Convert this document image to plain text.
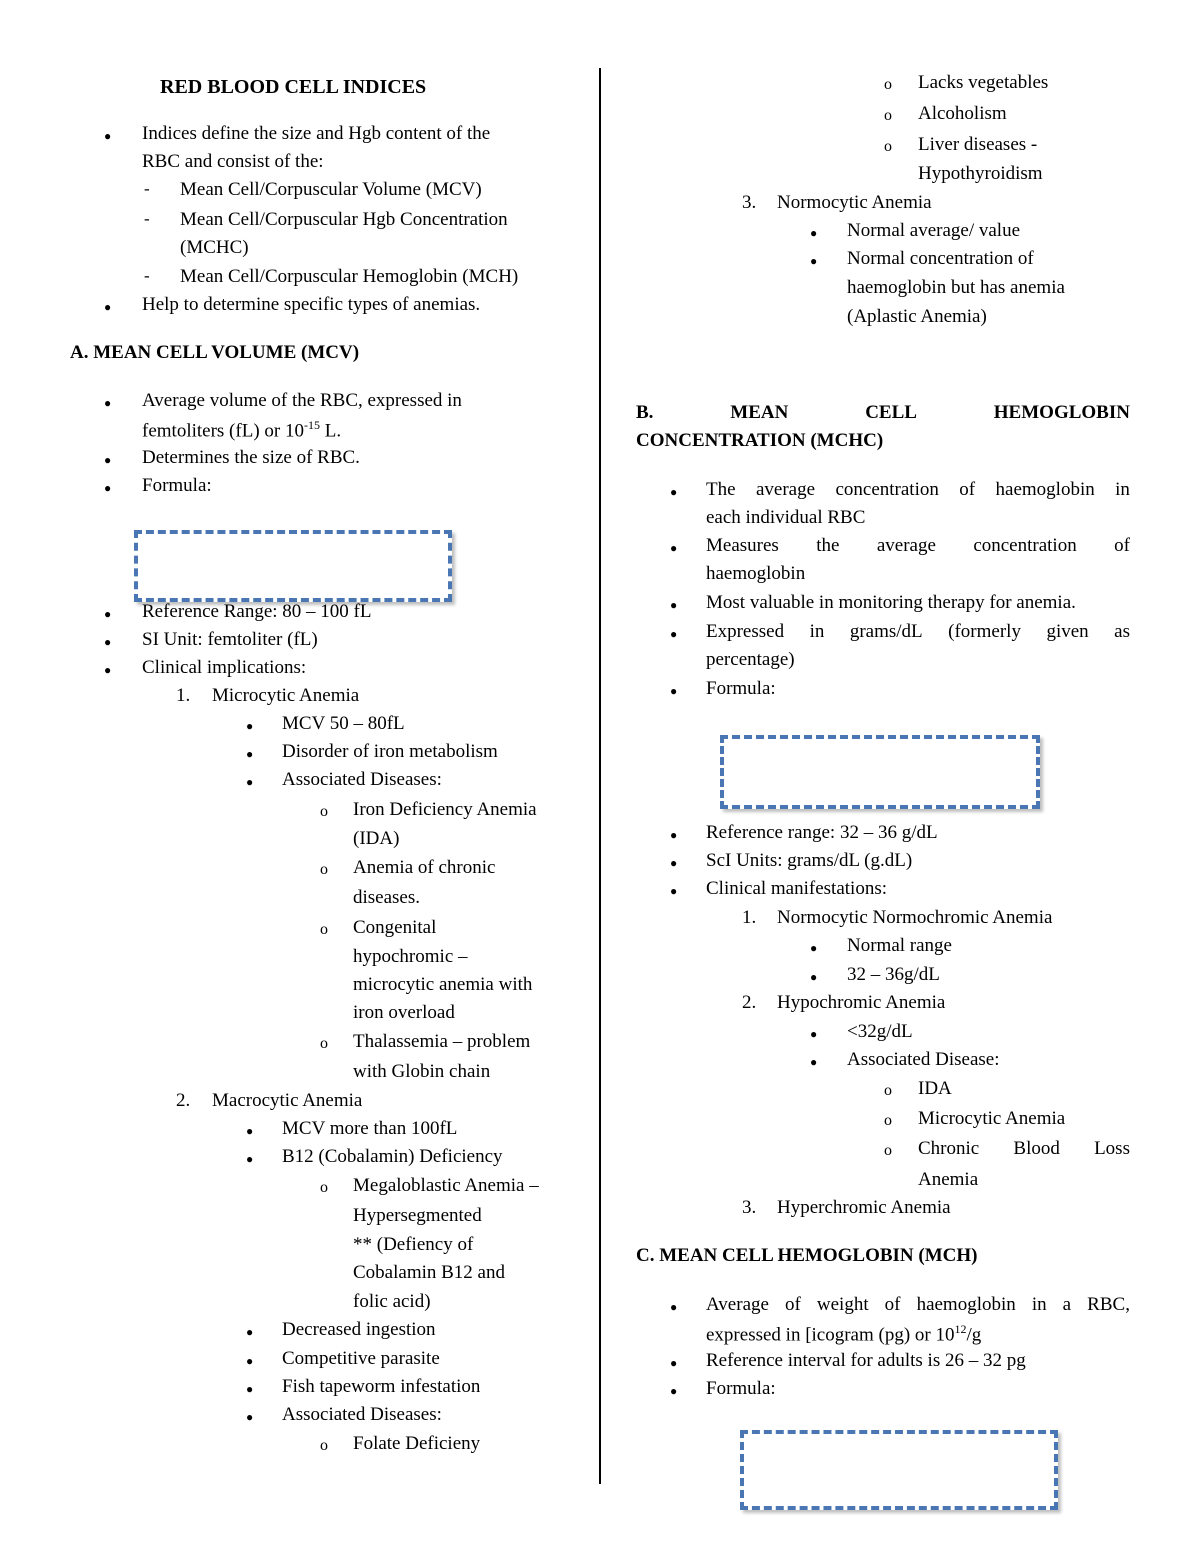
RED BLOOD CELL INDICES
● Indices define the size and Hgb content of the
RBC and consist of the:
- Mean Cell/Corpuscular Volume (MCV)
- Mean Cell/Corpuscular Hgb Concentration
(MCHC)
- Mean Cell/Corpuscular Hemoglobin (MCH)
● Help to determine specific types of anemias.
A. MEAN CELL VOLUME (MCV)
● Average volume of the RBC, expressed in
femtoliters (fL) or $10^{-15}$ L.
● Determines the size of RBC.
● Formula:
● Reference Range: 80 – 100 fL
● SI Unit: femtoliter (fL)
● Clinical implications:
1. Microcytic Anemia
● MCV 50 – 80fL
● Disorder of iron metabolism
● Associated Diseases:
o Iron Deficiency Anemia
(IDA)
o Anemia of chronic
diseases.
o Congenital
hypochromic –
microcytic anemia with
iron overload
o Thalassemia – problem
with Globin chain
2. Macrocytic Anemia
● MCV more than 100fL
● B12 (Cobalamin) Deficiency
o Megaloblastic Anemia –
Hypersegmented
** (Defiency of
Cobalamin B12 and
folic acid)
● Decreased ingestion
● Competitive parasite
● Fish tapeworm infestation
● Associated Diseases:
o Folate Deficieny
o Lacks vegetables
o Alcoholism
o Liver diseases -
Hypothyroidism
3. Normocytic Anemia
● Normal average/ value
● Normal concentration of
haemoglobin but has anemia
(Aplastic Anemia)
B.	MEAN	CELL	HEMOGLOBIN
CONCENTRATION (MCHC)
● The average concentration of haemoglobin in
each individual RBC
● Measures the average concentration of
haemoglobin
● Most valuable in monitoring therapy for anemia.
● Expressed in grams/dL (formerly given as
percentage)
● Formula:
● Reference range: 32 – 36 g/dL
● ScI Units: grams/dL (g.dL)
● Clinical manifestations:
1. Normocytic Normochromic Anemia
● Normal range
● 32 – 36g/dL
2. Hypochromic Anemia
● <32g/dL
● Associated Disease:
o IDA
o Microcytic Anemia
o Chronic Blood Loss
Anemia
3. Hyperchromic Anemia
C. MEAN CELL HEMOGLOBIN (MCH)
● Average of weight of haemoglobin in a RBC,
expressed in [icogram (pg) or $10^{12}/g$
● Reference interval for adults is 26 – 32 pg
● Formula:
